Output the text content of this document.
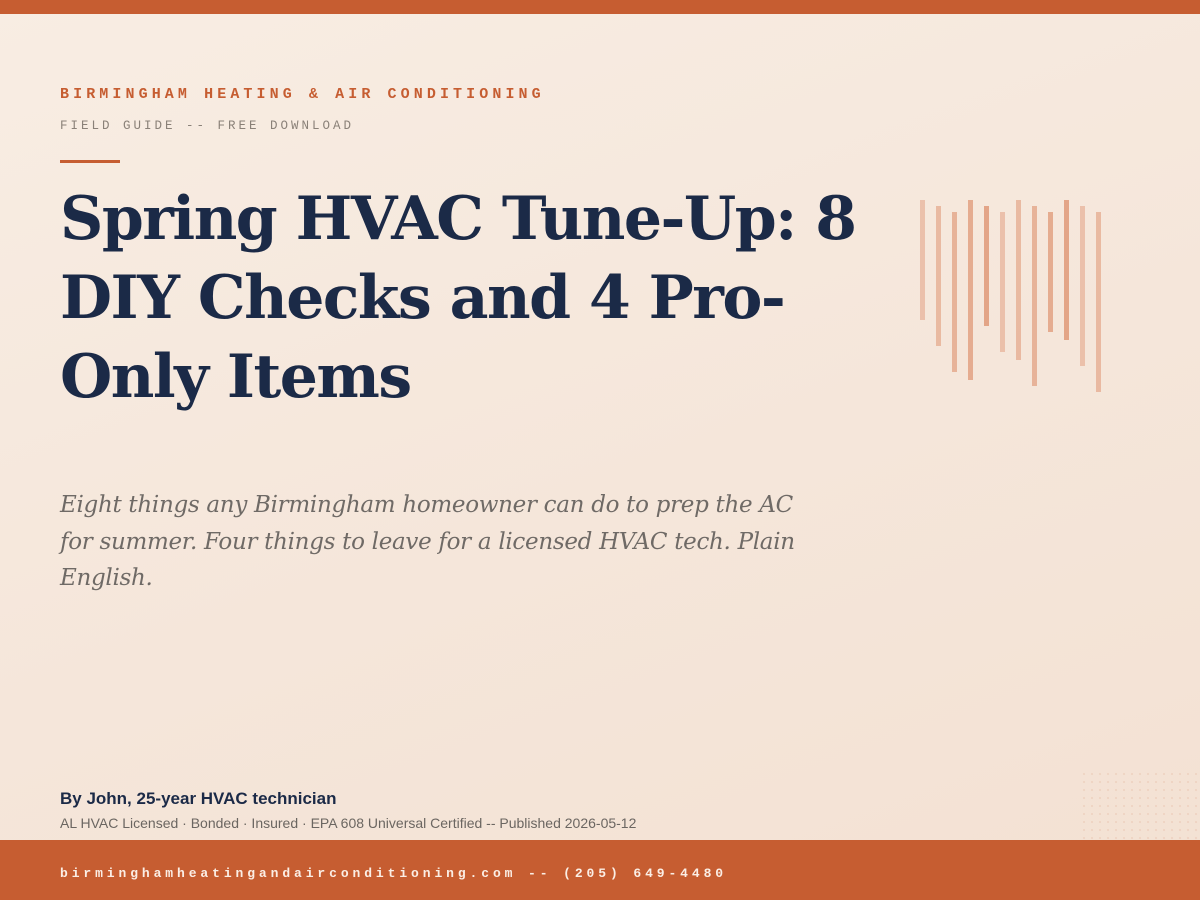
BIRMINGHAM HEATING & AIR CONDITIONING
FIELD GUIDE -- FREE DOWNLOAD
Spring HVAC Tune-Up: 8 DIY Checks and 4 Pro-Only Items

Eight things any Birmingham homeowner can do to prep the AC for summer. Four things to leave for a licensed HVAC tech. Plain English.

By John, 25-year HVAC technician
AL HVAC Licensed · Bonded · Insured · EPA 608 Universal Certified -- Published 2026-05-12
birminghamheatingandairconditioning.com -- (205) 649-4480
